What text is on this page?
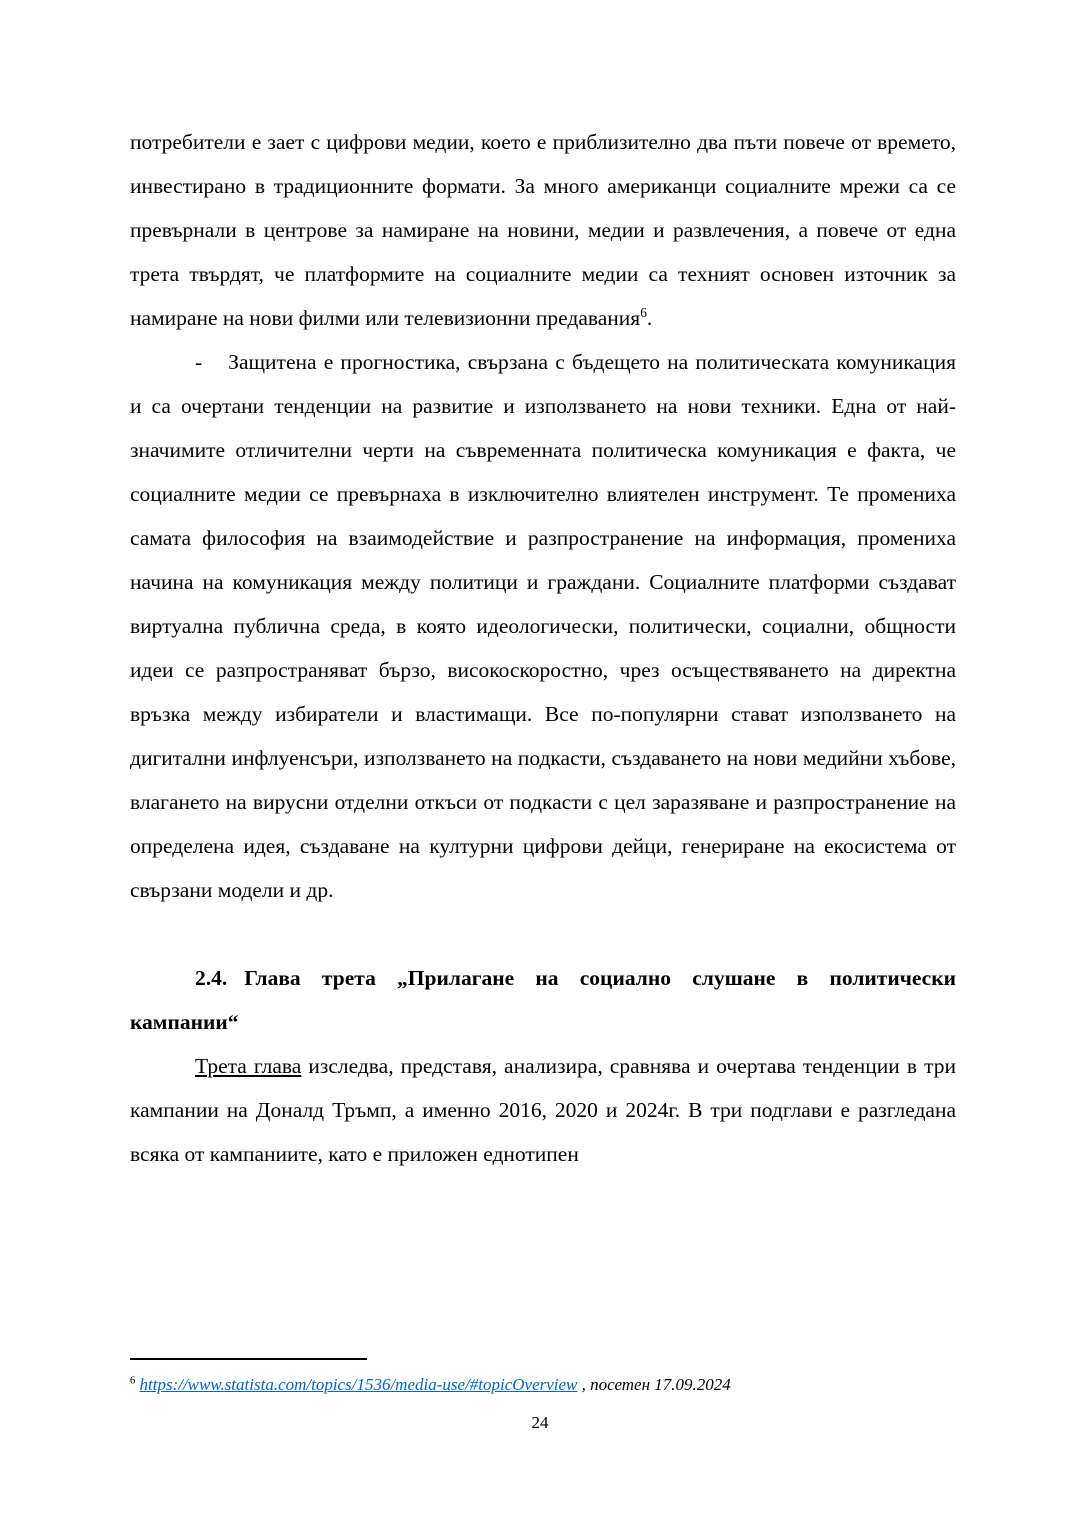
потребители е зает с цифрови медии, което е приблизително два пъти повече от времето, инвестирано в традиционните формати. За много американци социалните мрежи са се превърнали в центрове за намиране на новини, медии и развлечения, а повече от една трета твърдят, че платформите на социалните медии са техният основен източник за намиране на нови филми или телевизионни предавания$^6$.

- Защитена е прогностика, свързана с бъдещето на политическата комуникация и са очертани тенденции на развитие и използването на нови техники. Една от най-значимите отличителни черти на съвременната политическа комуникация е факта, че социалните медии се превърнаха в изключително влиятелен инструмент. Те промениха самата философия на взаимодействие и разпространение на информация, промениха начина на комуникация между политици и граждани. Социалните платформи създават виртуална публична среда, в която идеологически, политически, социални, общности идеи се разпространяват бързо, високоскоростно, чрез осъществяването на директна връзка между избиратели и властимащи. Все по-популярни стават използването на дигитални инфлуенсъри, използването на подкасти, създаването на нови медийни хъбове, влагането на вирусни отделни откъси от подкасти с цел заразяване и разпространение на определена идея, създаване на културни цифрови дейци, генериране на екосистема от свързани модели и др.

2.4. Глава трета „Прилагане на социално слушане в политически кампании“

Трета глава изследва, представя, анализира, сравнява и очертава тенденции в три кампании на Доналд Тръмп, а именно 2016, 2020 и 2024г. В три подглави е разгледана всяка от кампаниите, като е приложен еднотипен

$^6$ https://www.statista.com/topics/1536/media-use/#topicOverview , посетен 17.09.2024
24
